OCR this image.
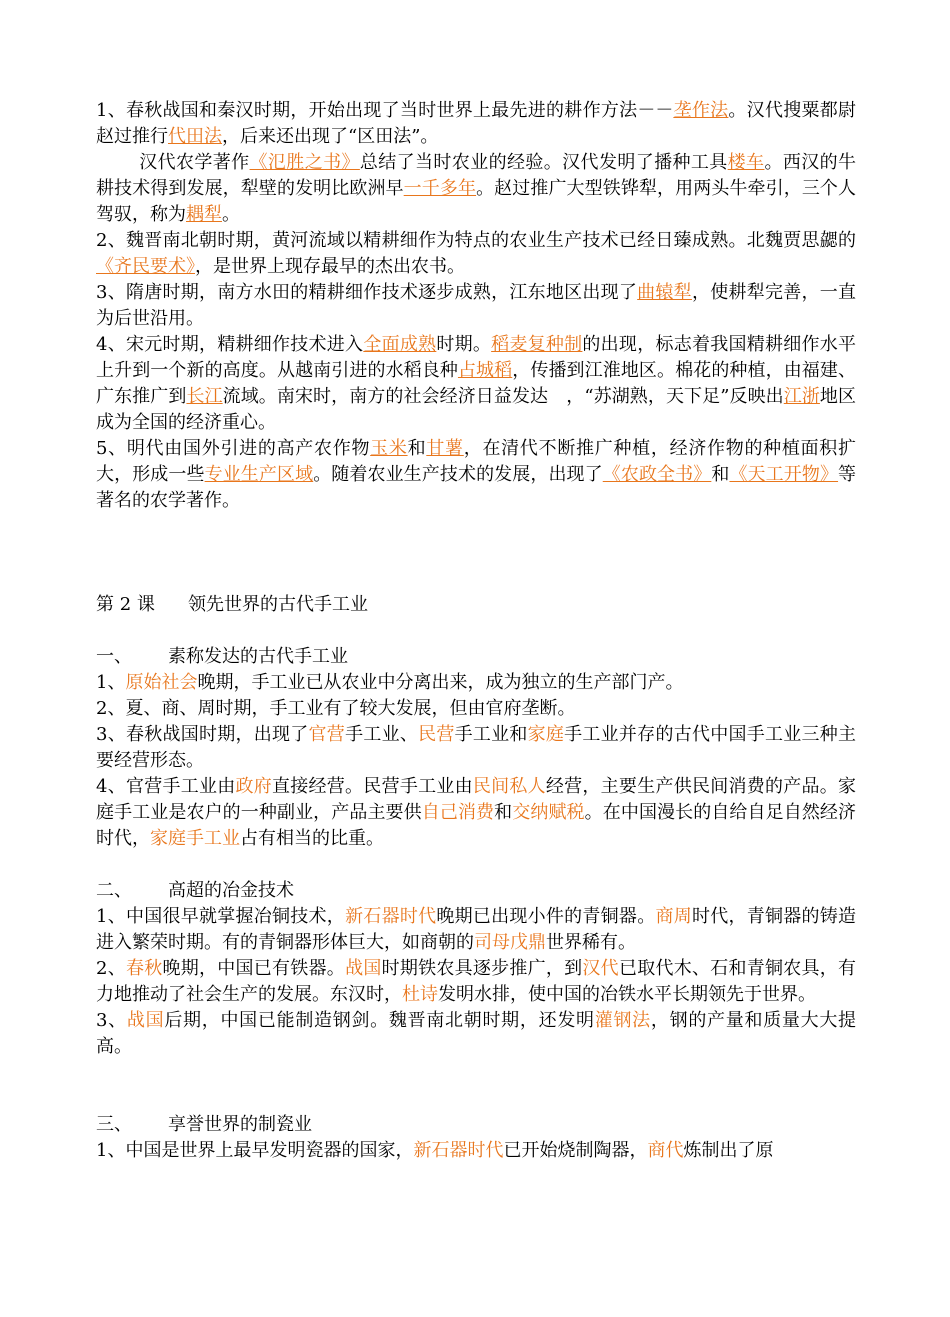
1、春秋战国和秦汉时期，开始出现了当时世界上最先进的耕作方法－－垄作法。汉代搜粟都尉赵过推行代田法，后来还出现了“区田法”。

汉代农学著作《氾胜之书》总结了当时农业的经验。汉代发明了播种工具楼车。西汉的牛耕技术得到发展，犁壁的发明比欧洲早一千多年。赵过推广大型铁铧犁，用两头牛牵引，三个人驾驭，称为耦犁。

2、魏晋南北朝时期，黄河流域以精耕细作为特点的农业生产技术已经日臻成熟。北魏贾思勰的《齐民要术》，是世界上现存最早的杰出农书。

3、隋唐时期，南方水田的精耕细作技术逐步成熟，江东地区出现了曲辕犁，使耕犁完善，一直为后世沿用。

4、宋元时期，精耕细作技术进入全面成熟时期。稻麦复种制的出现，标志着我国精耕细作水平上升到一个新的高度。从越南引进的水稻良种占城稻，传播到江淮地区。棉花的种植，由福建、广东推广到长江流域。南宋时，南方的社会经济日益发达　，“苏湖熟，天下足”反映出江浙地区成为全国的经济重心。

5、明代由国外引进的高产农作物玉米和甘薯，在清代不断推广种植，经济作物的种植面积扩大，形成一些专业生产区域。随着农业生产技术的发展，出现了《农政全书》和《天工开物》等著名的农学著作。

第 2 课 领先世界的古代手工业

一、 素称发达的古代手工业

1、原始社会晚期，手工业已从农业中分离出来，成为独立的生产部门产。

2、夏、商、周时期，手工业有了较大发展，但由官府垄断。

3、春秋战国时期，出现了官营手工业、民营手工业和家庭手工业并存的古代中国手工业三种主要经营形态。

4、官营手工业由政府直接经营。民营手工业由民间私人经营，主要生产供民间消费的产品。家庭手工业是农户的一种副业，产品主要供自己消费和交纳赋税。在中国漫长的自给自足自然经济时代，家庭手工业占有相当的比重。

二、 高超的冶金技术

1、中国很早就掌握冶铜技术，新石器时代晚期已出现小件的青铜器。商周时代，青铜器的铸造进入繁荣时期。有的青铜器形体巨大，如商朝的司母戊鼎世界稀有。

2、春秋晚期，中国已有铁器。战国时期铁农具逐步推广，到汉代已取代木、石和青铜农具，有力地推动了社会生产的发展。东汉时，杜诗发明水排，使中国的冶铁水平长期领先于世界。

3、战国后期，中国已能制造钢剑。魏晋南北朝时期，还发明灌钢法，钢的产量和质量大大提高。

三、 享誉世界的制瓷业

1、中国是世界上最早发明瓷器的国家，新石器时代已开始烧制陶器，商代炼制出了原
